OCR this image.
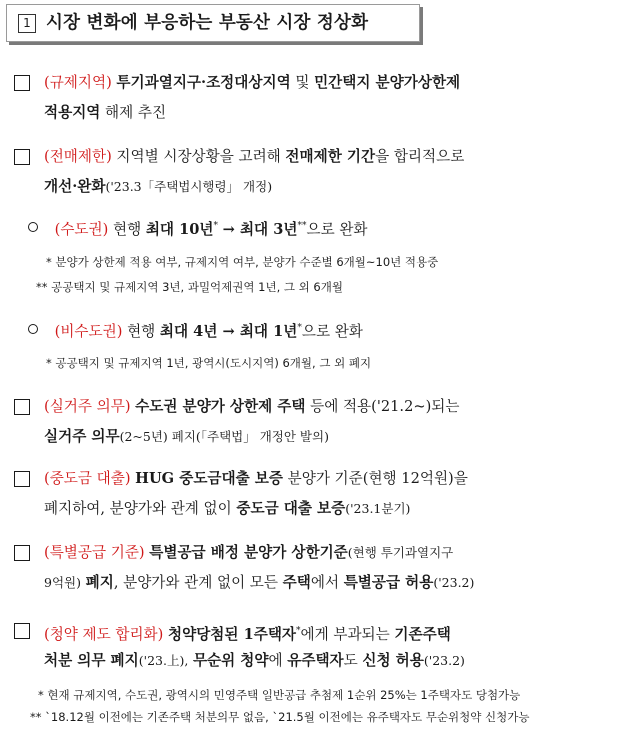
1 시장 변화에 부응하는 부동산 시장 정상화
(규제지역) 투기과열지구·조정대상지역 및 민간택지 분양가상한제
적용지역 해제 추진
(전매제한) 지역별 시장상황을 고려해 전매제한 기간을 합리적으로
개선·완화('23.3「주택법시행령」 개정)
(수도권) 현행 최대 10년* → 최대 3년**으로 완화
* 분양가 상한제 적용 여부, 규제지역 여부, 분양가 수준별 6개월~10년 적용중
** 공공택지 및 규제지역 3년, 과밀억제권역 1년, 그 외 6개월
(비수도권) 현행 최대 4년 → 최대 1년*으로 완화
* 공공택지 및 규제지역 1년, 광역시(도시지역) 6개월, 그 외 폐지
(실거주 의무) 수도권 분양가 상한제 주택 등에 적용('21.2~)되는
실거주 의무(2~5년) 폐지(「주택법」 개정안 발의)
(중도금 대출) HUG 중도금대출 보증 분양가 기준(현행 12억원)을
폐지하여, 분양가와 관계 없이 중도금 대출 보증('23.1분기)
(특별공급 기준) 특별공급 배정 분양가 상한기준(현행 투기과열지구
9억원) 폐지, 분양가와 관계 없이 모든 주택에서 특별공급 허용('23.2)
(청약 제도 합리화) 청약당첨된 1주택자*에게 부과되는 기존주택
처분 의무 폐지('23.上), 무순위 청약에 유주택자도 신청 허용('23.2)
* 현재 규제지역, 수도권, 광역시의 민영주택 일반공급 추첨제 1순위 25%는 1주택자도 당첨가능
** `18.12월 이전에는 기존주택 처분의무 없음, `21.5월 이전에는 유주택자도 무순위청약 신청가능
